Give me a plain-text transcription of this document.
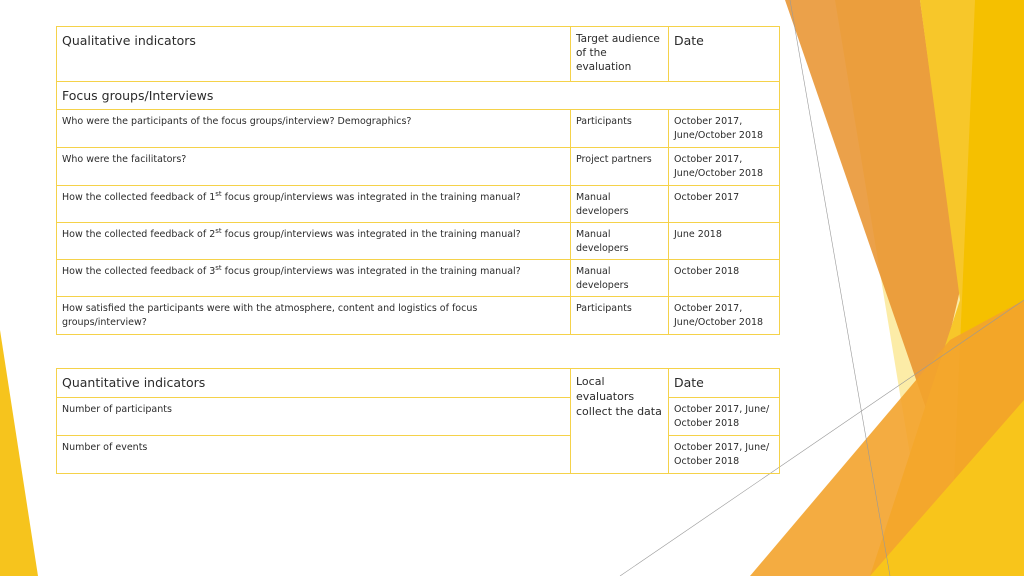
Qualitative indicators	Target audience of the evaluation	Date
Focus groups/Interviews		
Who were the participants of the focus groups/interview? Demographics?	Participants	October 2017, June/October 2018
Who were the facilitators?	Project partners	October 2017, June/October 2018
How the collected feedback of 1st focus group/interviews was integrated in the training manual?	Manual developers	October 2017
How the collected feedback of 2st focus group/interviews was integrated in the training manual?	Manual developers	June 2018
How the collected feedback of 3st focus group/interviews was integrated in the training manual?	Manual developers	October 2018
How satisfied the participants were with the atmosphere, content and logistics of focus groups/interview?	Participants	October 2017, June/October 2018
Quantitative indicators	Local evaluators collect the data	Date
Number of participants		October 2017, June/ October 2018
Number of events		October 2017, June/ October 2018
